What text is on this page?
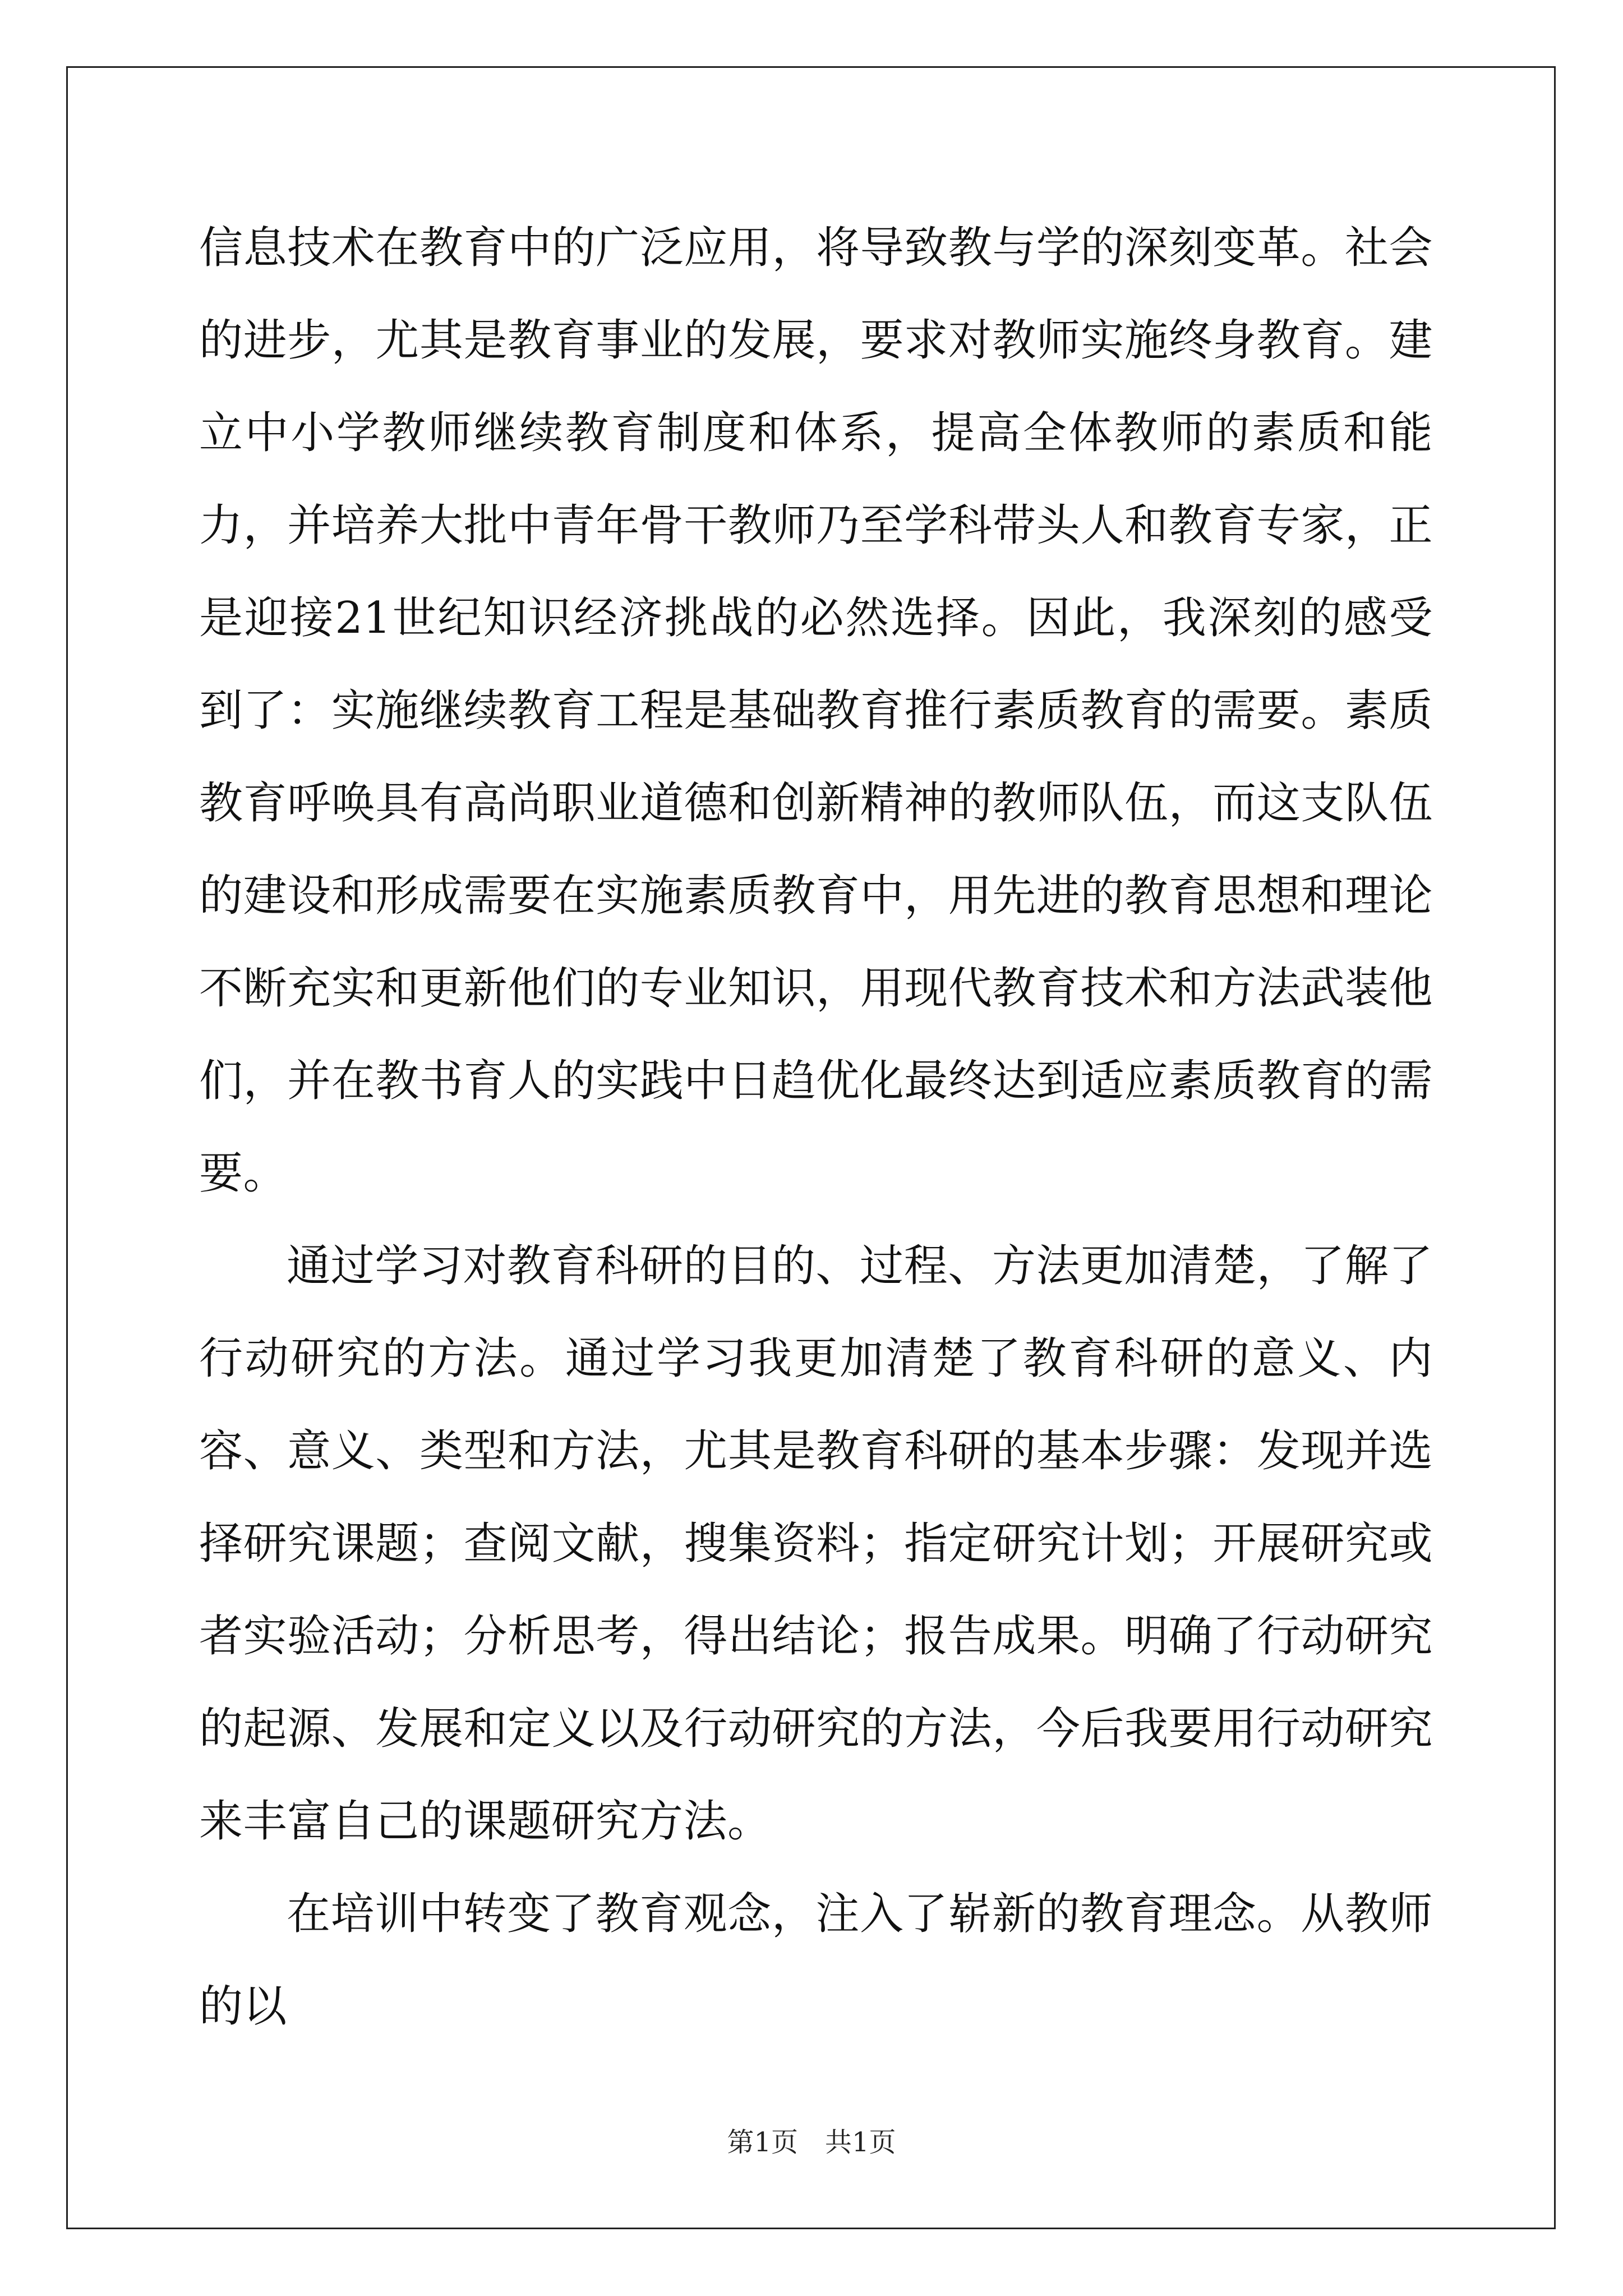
信息技术在教育中的广泛应用，将导致教与学的深刻变革。社会的进步，尤其是教育事业的发展，要求对教师实施终身教育。建立中小学教师继续教育制度和体系，提高全体教师的素质和能力，并培养大批中青年骨干教师乃至学科带头人和教育专家，正是迎接21世纪知识经济挑战的必然选择。因此，我深刻的感受到了：实施继续教育工程是基础教育推行素质教育的需要。素质教育呼唤具有高尚职业道德和创新精神的教师队伍，而这支队伍的建设和形成需要在实施素质教育中，用先进的教育思想和理论不断充实和更新他们的专业知识，用现代教育技术和方法武装他们，并在教书育人的实践中日趋优化最终达到适应素质教育的需要。

通过学习对教育科研的目的、过程、方法更加清楚，了解了行动研究的方法。通过学习我更加清楚了教育科研的意义、内容、意义、类型和方法，尤其是教育科研的基本步骤：发现并选择研究课题；查阅文献，搜集资料；指定研究计划；开展研究或者实验活动；分析思考，得出结论；报告成果。明确了行动研究的起源、发展和定义以及行动研究的方法，今后我要用行动研究来丰富自己的课题研究方法。

在培训中转变了教育观念，注入了崭新的教育理念。从教师的以

第1页　共1页
